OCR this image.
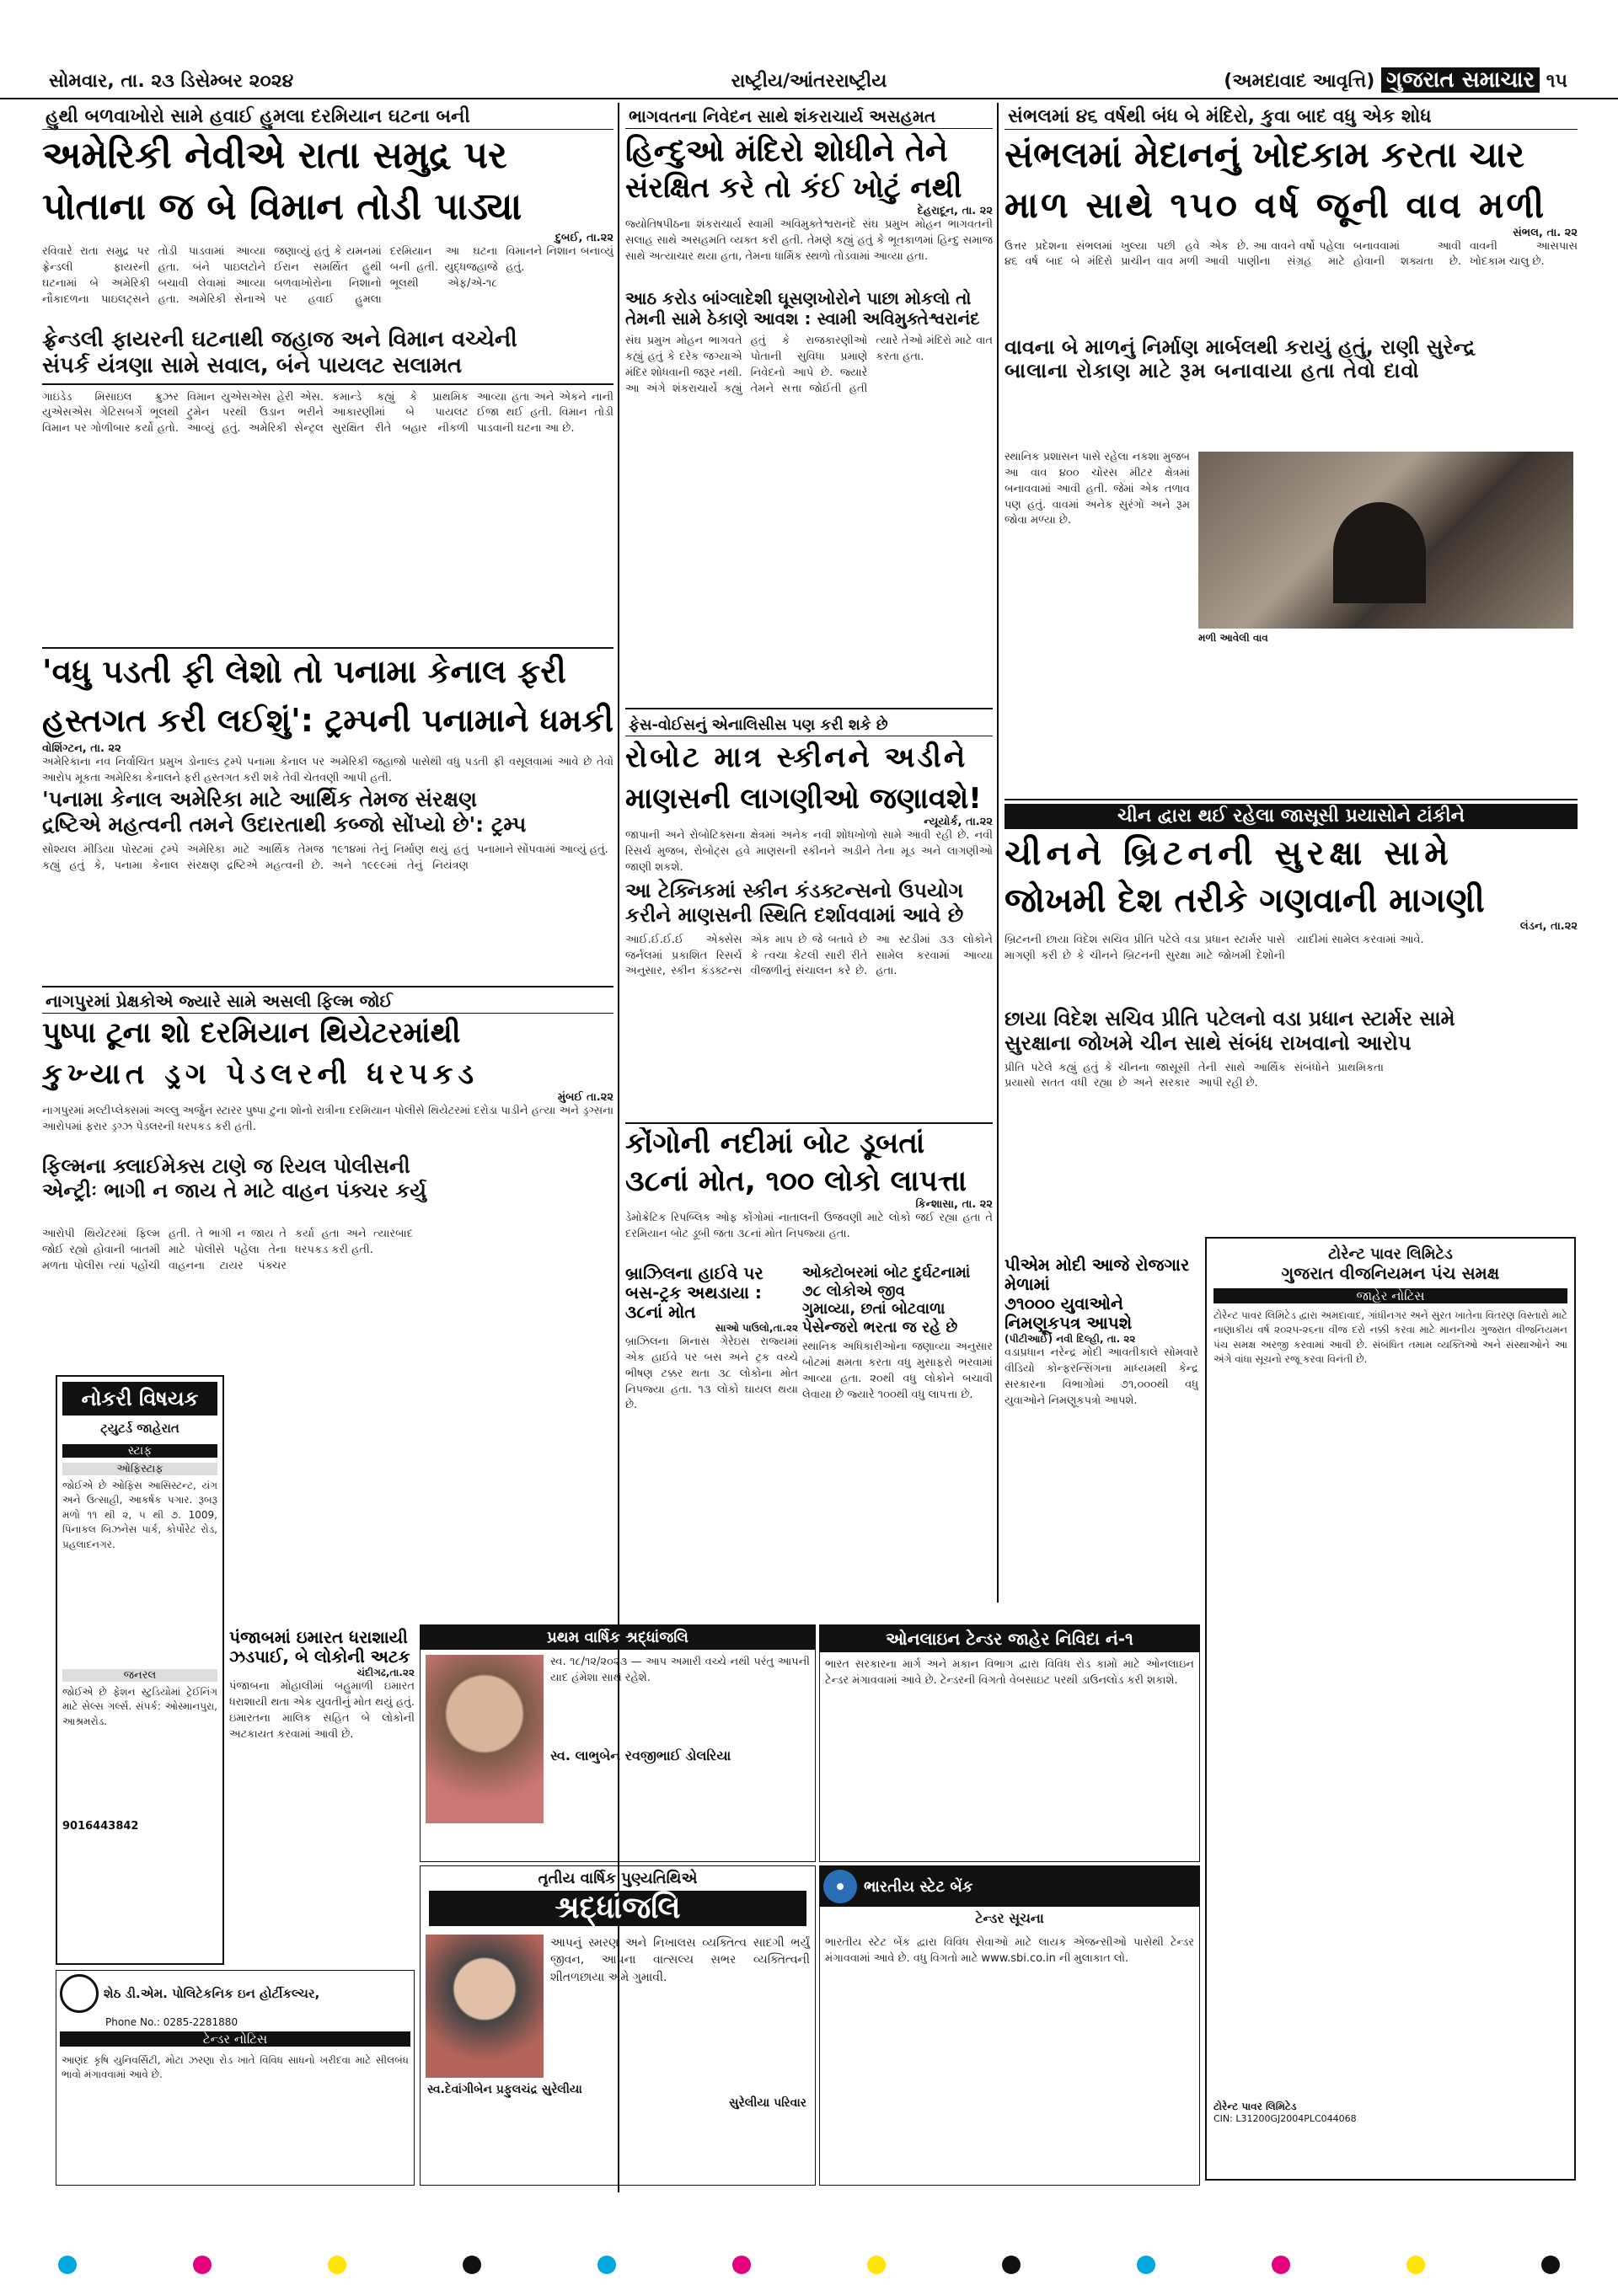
સોમવાર, તા. ૨૩ ડિસેમ્બર ૨૦૨૪	રાષ્ટ્રીય/આંતરરાષ્ટ્રીય	(અમદાવાદ આવૃત્તિ) ગુજરાત સમાચાર ૧૫
હુથી બળવાખોરો સામે હવાઈ હુમલા દરમિયાન ઘટના બની
અમેરિકી નેવીએ રાતા સમુદ્ર પર
પોતાના જ બે વિમાન તોડી પાડ્યા
દુબઈ, તા.૨૨
રવિવારે રાતા સમુદ્ર પર ફ્રેન્ડલી ફાયરની ઘટનામાં બે અમેરિકી નૌકાદળના પાઇલટ્સને તોડી પાડવામાં આવ્યા હતા. બંને પાઇલટોને બચાવી લેવામાં આવ્યા હતા. અમેરિકી સેનાએ જણાવ્યું હતું કે યમનમાં ઈરાન સમર્થિત હુથી બળવાખોરોના નિશાનો પર હવાઈ હુમલા દરમિયાન આ ઘટના બની હતી. યુદ્ધજહાજે ભૂલથી એફ/એ-૧૮ વિમાનને નિશાન બનાવ્યું હતું.
ફ્રેન્ડલી ફાયરની ઘટનાથી જહાજ અને વિમાન વચ્ચેની
સંપર્ક યંત્રણા સામે સવાલ, બંને પાયલટ સલામત
ગાઇડેડ મિસાઇલ ક્રુઝર યુએસએસ ગેટિસબર્ગે ભૂલથી વિમાન પર ગોળીબાર કર્યો હતો. વિમાન યુએસએસ હેરી એસ. ટ્રુમેન પરથી ઉડાન ભરીને આવ્યું હતું. અમેરિકી સેન્ટ્રલ કમાન્ડે કહ્યું કે પ્રાથમિક આકારણીમાં બે પાયલટ સુરક્ષિત રીતે બહાર નીકળી આવ્યા હતા અને એકને નાની ઈજા થઈ હતી. વિમાન તોડી પાડવાની ઘટના આ છે.
'વધુ પડતી ફી લેશો તો પનામા કેનાલ ફરી
હસ્તગત કરી લઈશું': ટ્રમ્પની પનામાને ધમકી
વોશિંગ્ટન, તા. ૨૨
અમેરિકાના નવ નિર્વાચિત પ્રમુખ ડોનાલ્ડ ટ્રમ્પે પનામા કેનાલ પર અમેરિકી જહાજો પાસેથી વધુ પડતી ફી વસૂલવામાં આવે છે તેવો આરોપ મૂકતા અમેરિકા કેનાલને ફરી હસ્તગત કરી શકે તેવી ચેતવણી આપી હતી.
'પનામા કેનાલ અમેરિકા માટે આર્થિક તેમજ સંરક્ષણ
દ્રષ્ટિએ મહત્વની તમને ઉદારતાથી કબ્જો સોંપ્યો છે': ટ્રમ્પ
સોશ્યલ મીડિયા પોસ્ટમાં ટ્રમ્પે કહ્યું હતું કે, પનામા કેનાલ અમેરિકા માટે આર્થિક તેમજ સંરક્ષણ દ્રષ્ટિએ મહત્વની છે. ૧૯૧૪માં તેનું નિર્માણ થયું હતું અને ૧૯૯૯માં તેનું નિયંત્રણ પનામાને સોંપવામાં આવ્યું હતું.
નાગપુરમાં પ્રેક્ષકોએ જ્યારે સામે અસલી ફિલ્મ જોઈ
પુષ્પા ટૂના શો દરમિયાન થિયેટરમાંથી
કુખ્યાત ડ્રગ પેડલરની ધરપકડ
મુંબઈ તા.૨૨
નાગપુરમાં મલ્ટીપ્લેક્સમાં અલ્લુ અર્જુન સ્ટારર પુષ્પા ટુના શોનો રાત્રીના દરમિયાન પોલીસે થિયેટરમાં દરોડા પાડીને હત્યા અને ડ્રગ્સના આરોપમાં ફરાર ડ્રગ્ઝ પેડલરની ધરપકડ કરી હતી.
ફિલ્મના ક્લાઈમેક્સ ટાણે જ રિયલ પોલીસની
એન્ટ્રીઃ ભાગી ન જાય તે માટે વાહન પંક્ચર કર્યુ
આરોપી થિયેટરમાં ફિલ્મ જોઈ રહ્યો હોવાની બાતમી મળતા પોલીસ ત્યાં પહોંચી હતી. તે ભાગી ન જાય તે માટે પોલીસે પહેલા તેના વાહનના ટાયર પંક્ચર કર્યા હતા અને ત્યારબાદ ધરપકડ કરી હતી.
નોકરી વિષયક
ટ્યુટર્ડ જાહેરાત
સ્ટાફ
ઓફિસ્ટાફ
જોઈએ છે ઓફિસ આસિસ્ટન્ટ, યંગ અને ઉત્સાહી, આકર્ષક પગાર. રૂબરૂ મળો ૧૧ થી ૨, ૫ થી ૭. 1009, પિનાકલ બિઝનેસ પાર્ક, કોર્પોરેટ રોડ, પ્રહલાદનગર.
જનરલ
જોઈએ છે ફેશન સ્ટુડિયોમાં ટ્રેઈનિંગ માટે સેલ્સ ગર્લ્સ. સંપર્ક: ઓસ્માનપુરા, આશ્રમરોડ.
9016443842
ભાગવતના નિવેદન સાથે શંકરાચાર્ય અસહમત
હિન્દુઓ મંદિરો શોધીને તેને
સંરક્ષિત કરે તો કંઈ ખોટું નથી
દેહરાદૂન, તા. ૨૨
જ્યોતિષપીઠના શંકરાચાર્ય સ્વામી અવિમુક્તેશ્વરાનંદે સંઘ પ્રમુખ મોહન ભાગવતની સલાહ સાથે અસહમતિ વ્યક્ત કરી હતી. તેમણે કહ્યું હતું કે ભૂતકાળમાં હિન્દુ સમાજ સાથે અત્યાચાર થયા હતા, તેમના ધાર્મિક સ્થળો તોડવામાં આવ્યા હતા.
આઠ કરોડ બાંગ્લાદેશી ઘૂસણખોરોને પાછા મોકલો તો
તેમની સામે ઠેકાણે આવશ : સ્વામી અવિમુક્તેશ્વરાનંદ
સંઘ પ્રમુખ મોહન ભાગવતે કહ્યું હતું કે દરેક જગ્યાએ મંદિર શોધવાની જરૂર નથી. આ અંગે શંકરાચાર્યે કહ્યું હતું કે રાજકારણીઓ પોતાની સુવિધા પ્રમાણે નિવેદનો આપે છે. જ્યારે તેમને સત્તા જોઈતી હતી ત્યારે તેઓ મંદિરો માટે વાત કરતા હતા.
ફેસ-વોઈસનું એનાલિસીસ પણ કરી શકે છે
રોબોટ માત્ર સ્કીનને અડીને
માણસની લાગણીઓ જણાવશે!
ન્યૂયોર્ક, તા.૨૨
જાપાની અને રોબોટિક્સના ક્ષેત્રમાં અનેક નવી શોધખોળો સામે આવી રહી છે. નવી રિસર્ચ મુજબ, રોબોટ્સ હવે માણસની સ્કીનને અડીને તેના મૂડ અને લાગણીઓ જાણી શકશે.
આ ટેક્નિકમાં સ્કીન કંડક્ટન્સનો ઉપયોગ
કરીને માણસની સ્થિતિ દર્શાવવામાં આવે છે
આઈ.ઈ.ઈ.ઈ એક્સેસ જર્નલમાં પ્રકાશિત રિસર્ચ અનુસાર, સ્કીન કંડક્ટન્સ એક માપ છે જે બતાવે છે કે ત્વચા કેટલી સારી રીતે વીજળીનું સંચાલન કરે છે. આ સ્ટડીમાં ૩૩ લોકોને સામેલ કરવામાં આવ્યા હતા.
કોંગોની નદીમાં બોટ ડૂબતાં
૩૮નાં મોત, ૧૦૦ લોકો લાપત્તા
કિન્શાસા, તા. ૨૨
ડેમોક્રેટિક રિપબ્લિક ઓફ કોંગોમાં નાતાલની ઉજવણી માટે લોકો જઈ રહ્યા હતા તે દરમિયાન બોટ ડૂબી જતા ૩૮નાં મોત નિપજ્યા હતા.
બ્રાઝિલના હાઈવે પર બસ-ટ્રક અથડાયા : ૩૮નાં મોત
સાઓ પાઉલો,તા.૨૨
બ્રાઝિલના મિનાસ ગેરેઇસ રાજ્યમાં એક હાઈવે પર બસ અને ટ્રક વચ્ચે ભીષણ ટક્કર થતા ૩૮ લોકોના મોત નિપજ્યા હતા. ૧૩ લોકો ઘાયલ થયા છે.
ઓક્ટોબરમાં બોટ દુર્ઘટનામાં ૭૮ લોકોએ જીવ
ગુમાવ્યા, છતાં બોટવાળા પેસેન્જરો ભરતા જ રહે છે
સ્થાનિક અધિકારીઓના જણાવ્યા અનુસાર બોટમાં ક્ષમતા કરતા વધુ મુસાફરો ભરવામાં આવ્યા હતા. ૨૦થી વધુ લોકોને બચાવી લેવાયા છે જ્યારે ૧૦૦થી વધુ લાપત્તા છે.
પંજાબમાં ઇમારત ધરાશાયી
ઝડપાઈ, બે લોકોની અટક
ચંદીગઢ,તા.૨૨
પંજાબના મોહાલીમાં બહુમાળી ઇમારત ધરાશાયી થતા એક યુવતીનું મોત થયું હતું. ઇમારતના માલિક સહિત બે લોકોની અટકાયત કરવામાં આવી છે.
સંભલમાં ૪૬ વર્ષથી બંધ બે મંદિરો, કુવા બાદ વધુ એક શોધ
સંભલમાં મેદાનનું ખોદકામ કરતા ચાર
માળ સાથે ૧૫૦ વર્ષ જૂની વાવ મળી
સંભલ, તા. ૨૨
ઉત્તર પ્રદેશના સંભલમાં ૪૬ વર્ષ બાદ બે મંદિરો ખુલ્યા પછી હવે એક પ્રાચીન વાવ મળી આવી છે. આ વાવને વર્ષો પહેલા પાણીના સંગ્રહ માટે બનાવવામાં આવી હોવાની શક્યતા છે. વાવની આસપાસ ખોદકામ ચાલુ છે.
વાવના બે માળનું નિર્માણ માર્બલથી કરાયું હતું, રાણી સુરેન્દ્ર
બાલાના રોકાણ માટે રૂમ બનાવાયા હતા તેવો દાવો
સ્થાનિક પ્રશાસન પાસે રહેલા નકશા મુજબ આ વાવ ૪૦૦ ચોરસ મીટર ક્ષેત્રમાં બનાવવામાં આવી હતી. જેમાં એક તળાવ પણ હતું. વાવમાં અનેક સુરંગો અને રૂમ જોવા મળ્યા છે.
મળી આવેલી વાવ
ચીન દ્વારા થઈ રહેલા જાસૂસી પ્રયાસોને ટાંકીને
ચીનને બ્રિટનની સુરક્ષા સામે
જોખમી દેશ તરીકે ગણવાની માગણી
લંડન, તા.૨૨
બ્રિટનની છાયા વિદેશ સચિવ પ્રીતિ પટેલે વડા પ્રધાન સ્ટાર્મર પાસે માગણી કરી છે કે ચીનને બ્રિટનની સુરક્ષા માટે જોખમી દેશોની યાદીમાં સામેલ કરવામાં આવે.
છાયા વિદેશ સચિવ પ્રીતિ પટેલનો વડા પ્રધાન સ્ટાર્મર સામે
સુરક્ષાના જોખમે ચીન સાથે સંબંધ રાખવાનો આરોપ
પ્રીતિ પટેલે કહ્યું હતું કે ચીનના જાસૂસી પ્રયાસો સતત વધી રહ્યા છે અને સરકાર તેની સાથે આર્થિક સંબંધોને પ્રાથમિકતા આપી રહી છે.
પીએમ મોદી આજે રોજગાર મેળામાં
૭૧૦૦૦ યુવાઓને નિમણૂકપત્ર આપશે
(પીટીઆઈ) નવી દિલ્હી, તા. ૨૨
વડાપ્રધાન નરેન્દ્ર મોદી આવતીકાલે સોમવારે વીડિયો કોન્ફરન્સિંગના માધ્યમથી કેન્દ્ર સરકારના વિભાગોમાં ૭૧,૦૦૦થી વધુ યુવાઓને નિમણૂકપત્રો આપશે.
ટોરેન્ટ પાવર લિમિટેડ
ગુજરાત વીજનિયમન પંચ સમક્ષ
જાહેર નોટિસ
ટોરેન્ટ પાવર લિમિટેડ દ્વારા અમદાવાદ, ગાંધીનગર અને સુરત ખાતેના વિતરણ વિસ્તારો માટે નાણાકીય વર્ષ ૨૦૨૫-૨૬ના વીજ દરો નક્કી કરવા માટે માનનીય ગુજરાત વીજનિયમન પંચ સમક્ષ અરજી કરવામાં આવી છે. સંબંધિત તમામ વ્યક્તિઓ અને સંસ્થાઓને આ અંગે વાંધા સૂચનો રજૂ કરવા વિનંતી છે.
ટોરેન્ટ પાવર લિમિટેડ
CIN: L31200GJ2004PLC044068
પ્રથમ વાર્ષિક શ્રદ્ધાંજલિ
સ્વ. ૧૮/૧૨/૨૦૨૩ — આપ અમારી વચ્ચે નથી પરંતુ આપની યાદ હંમેશા સાથે રહેશે.
સ્વ. લાભુબેન રવજીભાઈ ડોલરિયા
તૃતીય વાર્ષિક પુણ્યતિથિએ
શ્રદ્ધાંજલિ
આપનું સ્મરણ અને નિખાલસ વ્યક્તિત્વ સાદગી ભર્યું જીવન, આપના વાત્સલ્ય સભર વ્યક્તિત્વની શીતળછાયા અમે ગુમાવી.
સ્વ.દેવાંગીબેન પ્રફુલચંદ્ર સુરેલીયા
સુરેલીયા પરિવાર
ઓનલાઇન ટેન્ડર જાહેર નિવિદા નં-૧
ભારત સરકારના માર્ગ અને મકાન વિભાગ દ્વારા વિવિધ રોડ કામો માટે ઓનલાઇન ટેન્ડર મંગાવવામાં આવે છે. ટેન્ડરની વિગતો વેબસાઇટ પરથી ડાઉનલોડ કરી શકાશે.
ભારતીય સ્ટેટ બેંક
ટેન્ડર સૂચના
ભારતીય સ્ટેટ બેંક દ્વારા વિવિધ સેવાઓ માટે લાયક એજન્સીઓ પાસેથી ટેન્ડર મંગાવવામાં આવે છે. વધુ વિગતો માટે www.sbi.co.in ની મુલાકાત લો.
શેઠ ડી.એમ. પોલિટેકનિક ઇન હોર્ટીકલ્ચર,
Phone No.: 0285-2281880
ટેન્ડર નોટિસ
આણંદ કૃષિ યુનિવર્સિટી, મોટા ઝરણા રોડ ખાતે વિવિધ સાધનો ખરીદવા માટે સીલબંધ ભાવો મંગાવવામાં આવે છે.
